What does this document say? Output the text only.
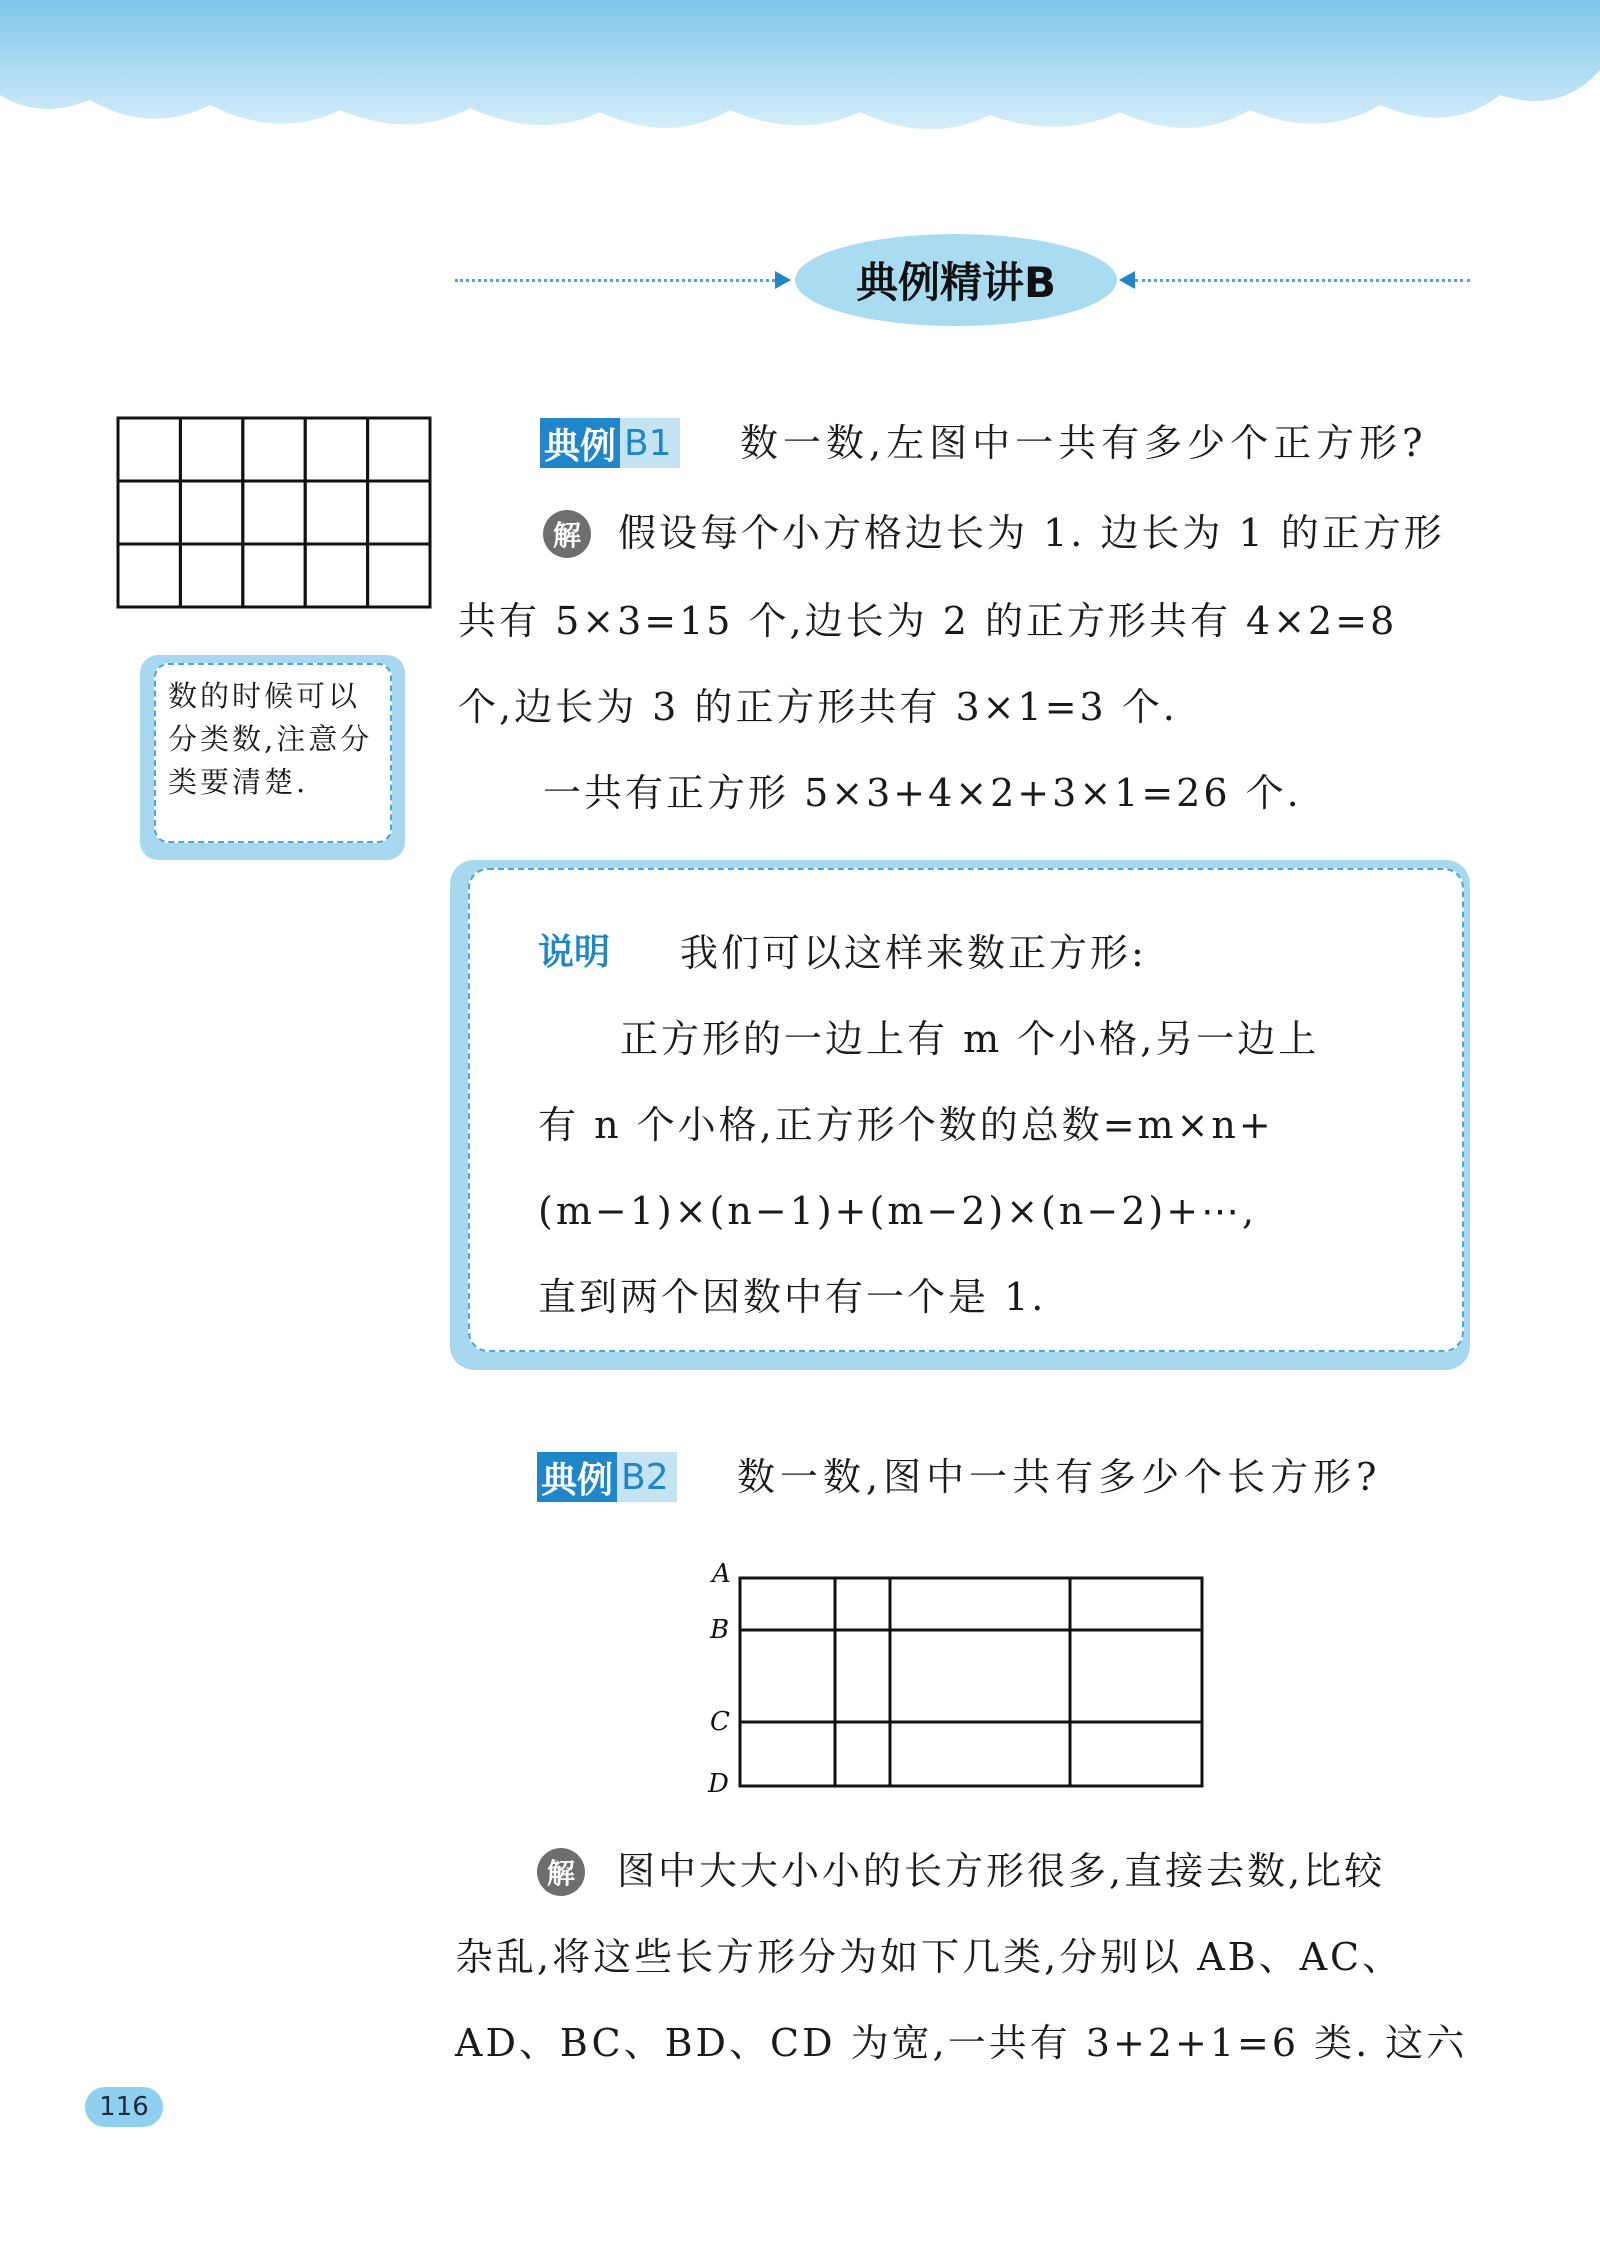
典例精讲B
典例 B1 数一数,左图中一共有多少个正方形?
解 假设每个小方格边长为 1. 边长为 1 的正方形
共有 5×3=15 个,边长为 2 的正方形共有 4×2=8
个,边长为 3 的正方形共有 3×1=3 个.
一共有正方形 5×3+4×2+3×1=26 个.
数的时候可以
分类数,注意分
类要清楚.
说明 我们可以这样来数正方形:
正方形的一边上有 m 个小格,另一边上
有 n 个小格,正方形个数的总数=m×n+
(m−1)×(n−1)+(m−2)×(n−2)+⋯,
直到两个因数中有一个是 1.
典例 B2 数一数,图中一共有多少个长方形?
A
B
C
D
解 图中大大小小的长方形很多,直接去数,比较
杂乱,将这些长方形分为如下几类,分别以 AB、AC、
AD、BC、BD、CD 为宽,一共有 3+2+1=6 类. 这六
116
